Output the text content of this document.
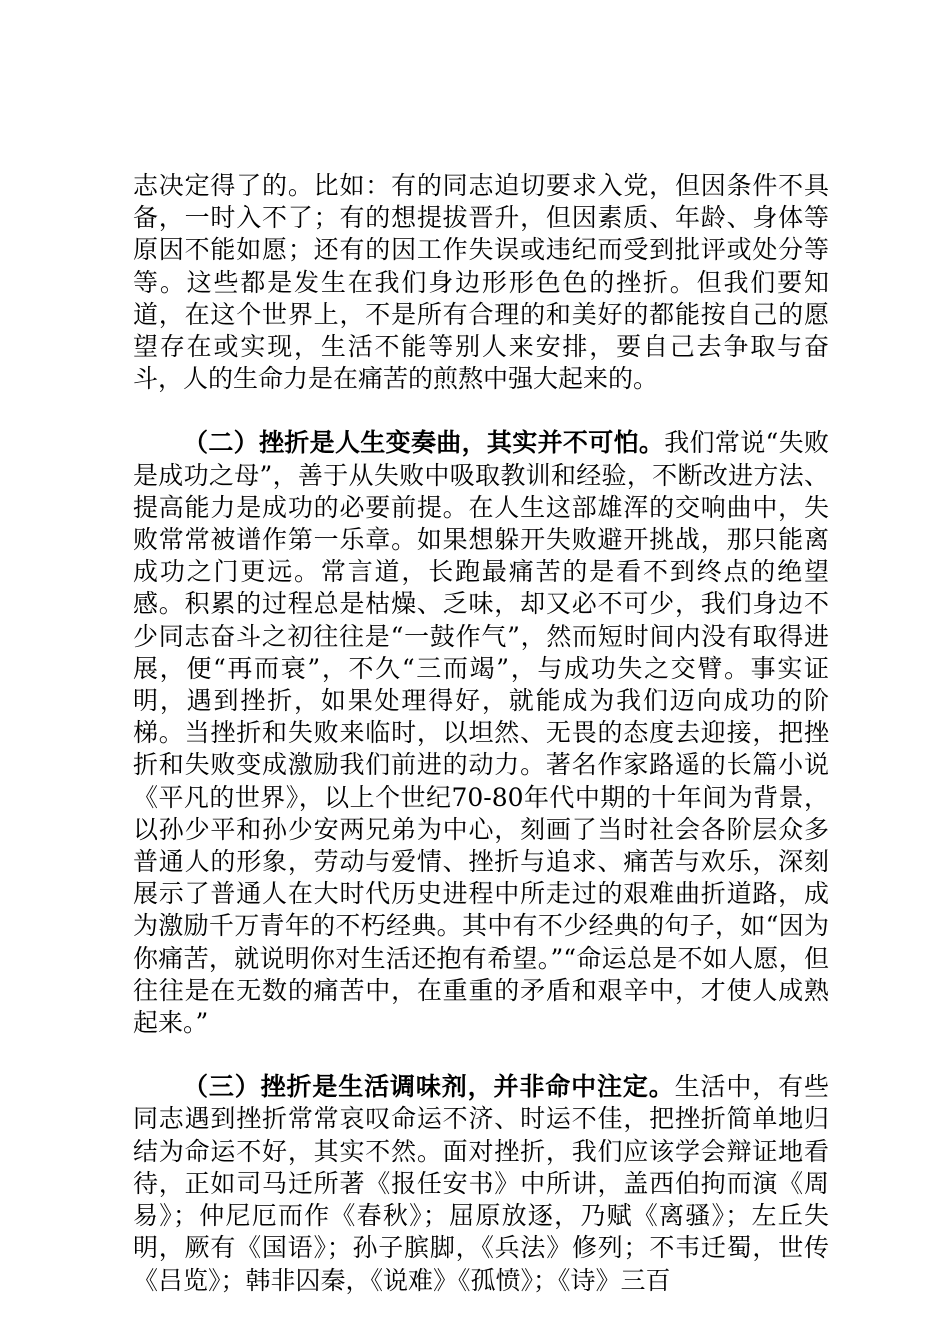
志决定得了的。比如：有的同志迫切要求入党，但因条件不具备，一时入不了；有的想提拔晋升，但因素质、年龄、身体等原因不能如愿；还有的因工作失误或违纪而受到批评或处分等等。这些都是发生在我们身边形形色色的挫折。但我们要知道，在这个世界上，不是所有合理的和美好的都能按自己的愿望存在或实现，生活不能等别人来安排，要自己去争取与奋斗，人的生命力是在痛苦的煎熬中强大起来的。

（二）挫折是人生变奏曲，其实并不可怕。我们常说“失败是成功之母”，善于从失败中吸取教训和经验，不断改进方法、提高能力是成功的必要前提。在人生这部雄浑的交响曲中，失败常常被谱作第一乐章。如果想躲开失败避开挑战，那只能离成功之门更远。常言道，长跑最痛苦的是看不到终点的绝望感。积累的过程总是枯燥、乏味，却又必不可少，我们身边不少同志奋斗之初往往是“一鼓作气”，然而短时间内没有取得进展，便“再而衰”，不久“三而竭”，与成功失之交臂。事实证明，遇到挫折，如果处理得好，就能成为我们迈向成功的阶梯。当挫折和失败来临时，以坦然、无畏的态度去迎接，把挫折和失败变成激励我们前进的动力。著名作家路遥的长篇小说《平凡的世界》，以上个世纪70-80年代中期的十年间为背景，以孙少平和孙少安两兄弟为中心，刻画了当时社会各阶层众多普通人的形象，劳动与爱情、挫折与追求、痛苦与欢乐，深刻展示了普通人在大时代历史进程中所走过的艰难曲折道路，成为激励千万青年的不朽经典。其中有不少经典的句子，如“因为你痛苦，就说明你对生活还抱有希望。”“命运总是不如人愿，但往往是在无数的痛苦中，在重重的矛盾和艰辛中，才使人成熟起来。”

（三）挫折是生活调味剂，并非命中注定。生活中，有些同志遇到挫折常常哀叹命运不济、时运不佳，把挫折简单地归结为命运不好，其实不然。面对挫折，我们应该学会辩证地看待，正如司马迁所著《报任安书》中所讲，盖西伯拘而演《周易》；仲尼厄而作《春秋》；屈原放逐，乃赋《离骚》；左丘失明，厥有《国语》；孙子膑脚，《兵法》修列；不韦迁蜀，世传《吕览》；韩非囚秦，《说难》《孤愤》；《诗》三百
